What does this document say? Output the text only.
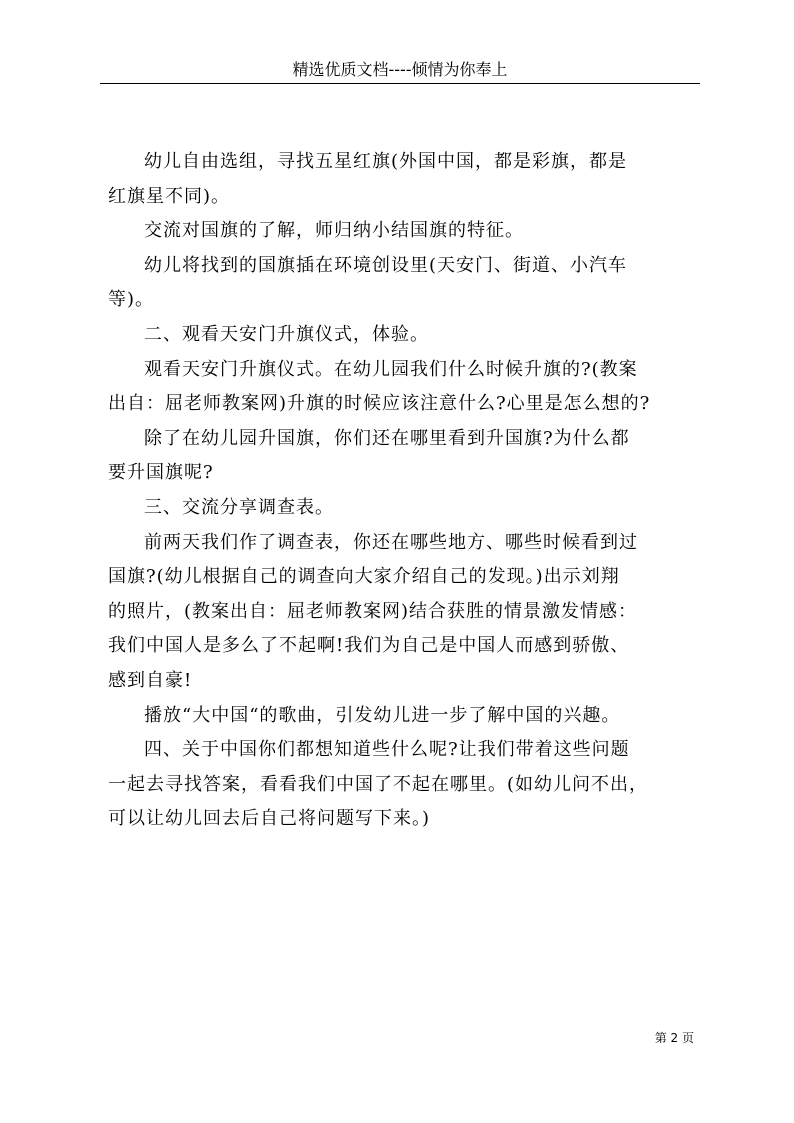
精选优质文档----倾情为你奉上

幼儿自由选组，寻找五星红旗(外国中国，都是彩旗，都是
红旗星不同)。

交流对国旗的了解，师归纳小结国旗的特征。

幼儿将找到的国旗插在环境创设里(天安门、街道、小汽车
等)。

二、观看天安门升旗仪式，体验。

观看天安门升旗仪式。在幼儿园我们什么时候升旗的?(教案
出自：屈老师教案网)升旗的时候应该注意什么?心里是怎么想的?

除了在幼儿园升国旗，你们还在哪里看到升国旗?为什么都
要升国旗呢?

三、交流分享调查表。

前两天我们作了调查表，你还在哪些地方、哪些时候看到过
国旗?(幼儿根据自己的调查向大家介绍自己的发现。)出示刘翔
的照片，(教案出自：屈老师教案网)结合获胜的情景激发情感：
我们中国人是多么了不起啊!我们为自己是中国人而感到骄傲、
感到自豪!

播放“大中国“的歌曲，引发幼儿进一步了解中国的兴趣。

四、关于中国你们都想知道些什么呢?让我们带着这些问题
一起去寻找答案，看看我们中国了不起在哪里。(如幼儿问不出，
可以让幼儿回去后自己将问题写下来。)

第 2 页
